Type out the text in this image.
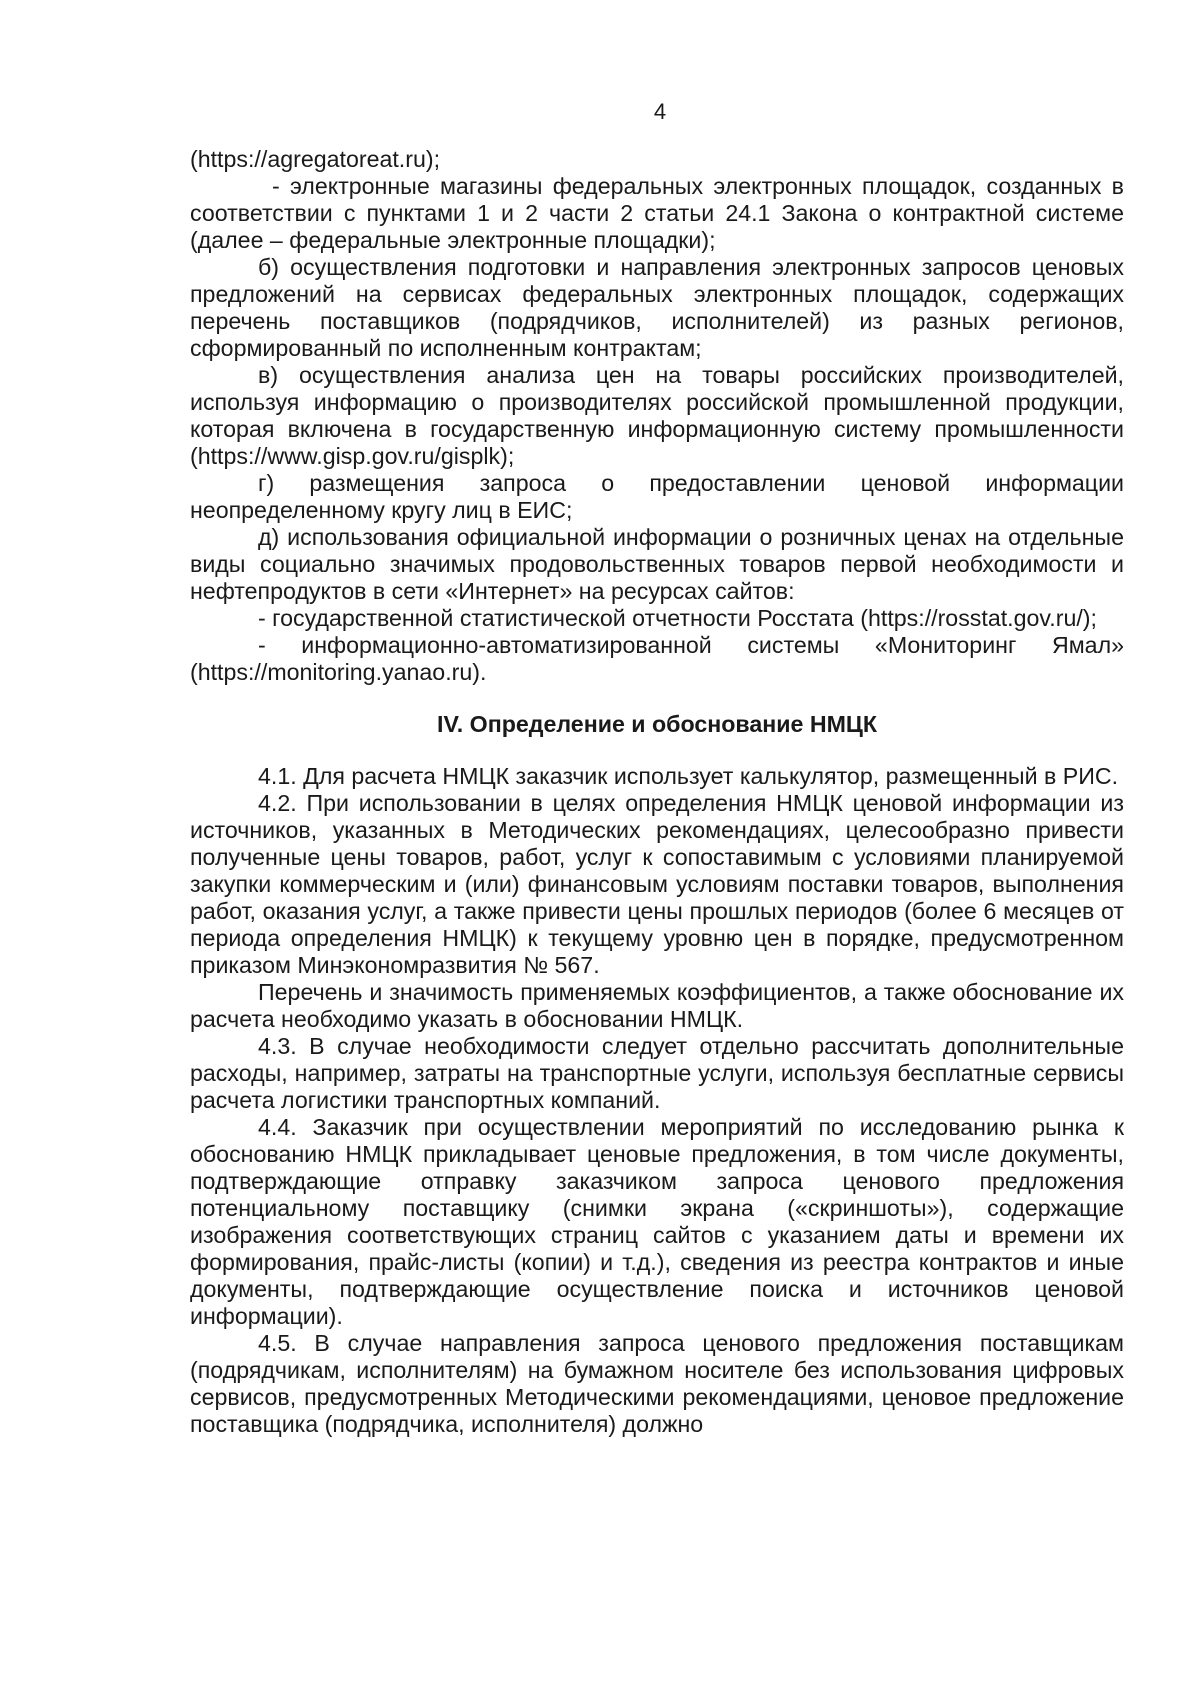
4

(https://agregatoreat.ru);

- электронные магазины федеральных электронных площадок, созданных в соответствии с пунктами 1 и 2 части 2 статьи 24.1 Закона о контрактной системе (далее – федеральные электронные площадки);

б) осуществления подготовки и направления электронных запросов ценовых предложений на сервисах федеральных электронных площадок, содержащих перечень поставщиков (подрядчиков, исполнителей) из разных регионов, сформированный по исполненным контрактам;

в) осуществления анализа цен на товары российских производителей, используя информацию о производителях российской промышленной продукции, которая включена в государственную информационную систему промышленности (https://www.gisp.gov.ru/gisplk);

г) размещения запроса о предоставлении ценовой информации неопределенному кругу лиц в ЕИС;

д) использования официальной информации о розничных ценах на отдельные виды социально значимых продовольственных товаров первой необходимости и нефтепродуктов в сети «Интернет» на ресурсах сайтов:

- государственной статистической отчетности Росстата (https://rosstat.gov.ru/);

- информационно-автоматизированной системы «Мониторинг Ямал» (https://monitoring.yanao.ru).

IV. Определение и обоснование НМЦК

4.1. Для расчета НМЦК заказчик использует калькулятор, размещенный в РИС.

4.2. При использовании в целях определения НМЦК ценовой информации из источников, указанных в Методических рекомендациях, целесообразно привести полученные цены товаров, работ, услуг к сопоставимым с условиями планируемой закупки коммерческим и (или) финансовым условиям поставки товаров, выполнения работ, оказания услуг, а также привести цены прошлых периодов (более 6 месяцев от периода определения НМЦК) к текущему уровню цен в порядке, предусмотренном приказом Минэкономразвития № 567.

Перечень и значимость применяемых коэффициентов, а также обоснование их расчета необходимо указать в обосновании НМЦК.

4.3. В случае необходимости следует отдельно рассчитать дополнительные расходы, например, затраты на транспортные услуги, используя бесплатные сервисы расчета логистики транспортных компаний.

4.4. Заказчик при осуществлении мероприятий по исследованию рынка к обоснованию НМЦК прикладывает ценовые предложения, в том числе документы, подтверждающие отправку заказчиком запроса ценового предложения потенциальному поставщику (снимки экрана («скриншоты»), содержащие изображения соответствующих страниц сайтов с указанием даты и времени их формирования, прайс-листы (копии) и т.д.), сведения из реестра контрактов и иные документы, подтверждающие осуществление поиска и источников ценовой информации).

4.5. В случае направления запроса ценового предложения поставщикам (подрядчикам, исполнителям) на бумажном носителе без использования цифровых сервисов, предусмотренных Методическими рекомендациями, ценовое предложение поставщика (подрядчика, исполнителя) должно
